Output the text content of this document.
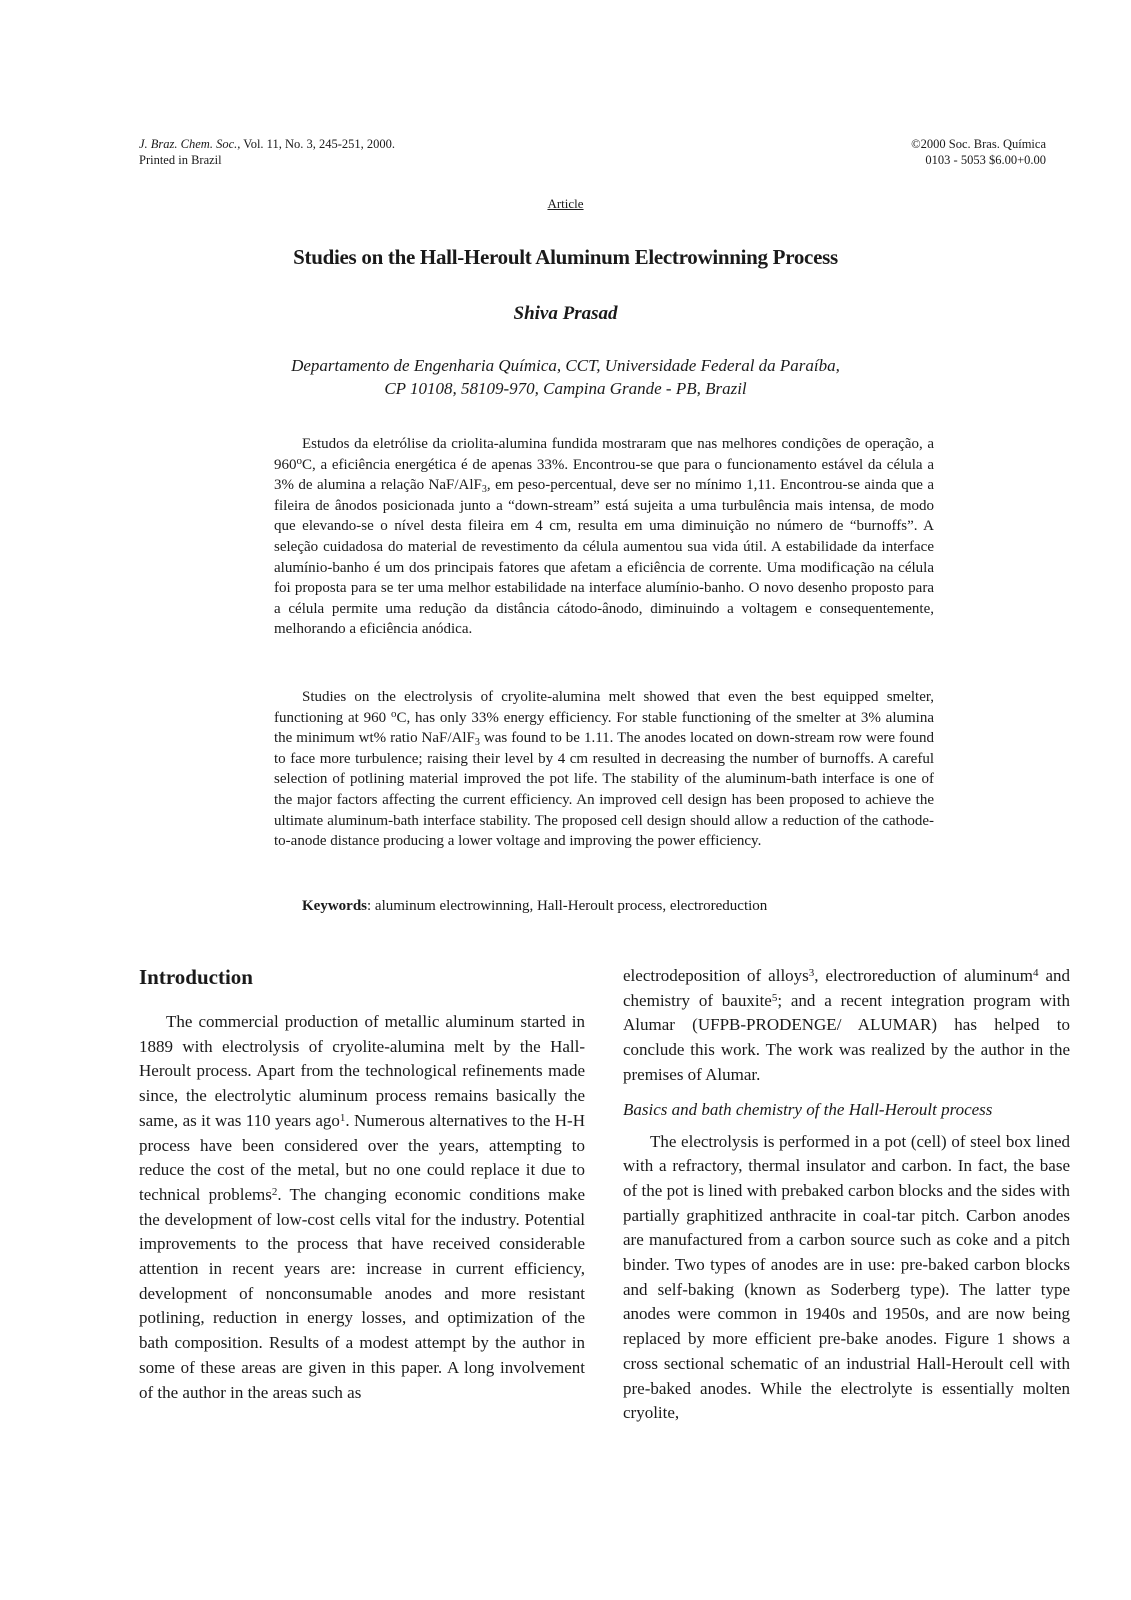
J. Braz. Chem. Soc., Vol. 11, No. 3, 245-251, 2000.
Printed in Brazil
©2000 Soc. Bras. Química
0103 - 5053 $6.00+0.00
Article
Studies on the Hall-Heroult Aluminum Electrowinning Process
Shiva Prasad
Departamento de Engenharia Química, CCT, Universidade Federal da Paraíba,
CP 10108, 58109-970, Campina Grande - PB, Brazil

Estudos da eletrólise da criolita-alumina fundida mostraram que nas melhores condições de operação, a 960$^o$C, a eficiência energética é de apenas 33%. Encontrou-se que para o funcionamento estável da célula a 3% de alumina a relação NaF/AlF$_3$, em peso-percentual, deve ser no mínimo 1,11. Encontrou-se ainda que a fileira de ânodos posicionada junto a “down-stream” está sujeita a uma turbulência mais intensa, de modo que elevando-se o nível desta fileira em 4 cm, resulta em uma diminuição no número de “burnoffs”. A seleção cuidadosa do material de revestimento da célula aumentou sua vida útil. A estabilidade da interface alumínio-banho é um dos principais fatores que afetam a eficiência de corrente. Uma modificação na célula foi proposta para se ter uma melhor estabilidade na interface alumínio-banho. O novo desenho proposto para a célula permite uma redução da distância cátodo-ânodo, diminuindo a voltagem e consequentemente, melhorando a eficiência anódica.

Studies on the electrolysis of cryolite-alumina melt showed that even the best equipped smelter, functioning at 960 $^o$C, has only 33% energy efficiency. For stable functioning of the smelter at 3% alumina the minimum wt% ratio NaF/AlF$_3$ was found to be 1.11. The anodes located on down-stream row were found to face more turbulence; raising their level by 4 cm resulted in decreasing the number of burnoffs. A careful selection of potlining material improved the pot life. The stability of the aluminum-bath interface is one of the major factors affecting the current efficiency. An improved cell design has been proposed to achieve the ultimate aluminum-bath interface stability. The proposed cell design should allow a reduction of the cathode-to-anode distance producing a lower voltage and improving the power efficiency.

Keywords: aluminum electrowinning, Hall-Heroult process, electroreduction
Introduction

The commercial production of metallic aluminum started in 1889 with electrolysis of cryolite-alumina melt by the Hall-Heroult process. Apart from the technological refinements made since, the electrolytic aluminum process remains basically the same, as it was 110 years ago$^1$. Numerous alternatives to the H-H process have been considered over the years, attempting to reduce the cost of the metal, but no one could replace it due to technical problems$^2$. The changing economic conditions make the development of low-cost cells vital for the industry. Potential improvements to the process that have received considerable attention in recent years are: increase in current efficiency, development of nonconsumable anodes and more resistant potlining, reduction in energy losses, and optimization of the bath composition. Results of a modest attempt by the author in some of these areas are given in this paper. A long involvement of the author in the areas such as

electrodeposition of alloys$^3$, electroreduction of aluminum$^4$ and chemistry of bauxite$^5$; and a recent integration program with Alumar (UFPB-PRODENGE/ ALUMAR) has helped to conclude this work. The work was realized by the author in the premises of Alumar.

Basics and bath chemistry of the Hall-Heroult process

The electrolysis is performed in a pot (cell) of steel box lined with a refractory, thermal insulator and carbon. In fact, the base of the pot is lined with prebaked carbon blocks and the sides with partially graphitized anthracite in coal-tar pitch. Carbon anodes are manufactured from a carbon source such as coke and a pitch binder. Two types of anodes are in use: pre-baked carbon blocks and self-baking (known as Soderberg type). The latter type anodes were common in 1940s and 1950s, and are now being replaced by more efficient pre-bake anodes. Figure 1 shows a cross sectional schematic of an industrial Hall-Heroult cell with pre-baked anodes. While the electrolyte is essentially molten cryolite,
